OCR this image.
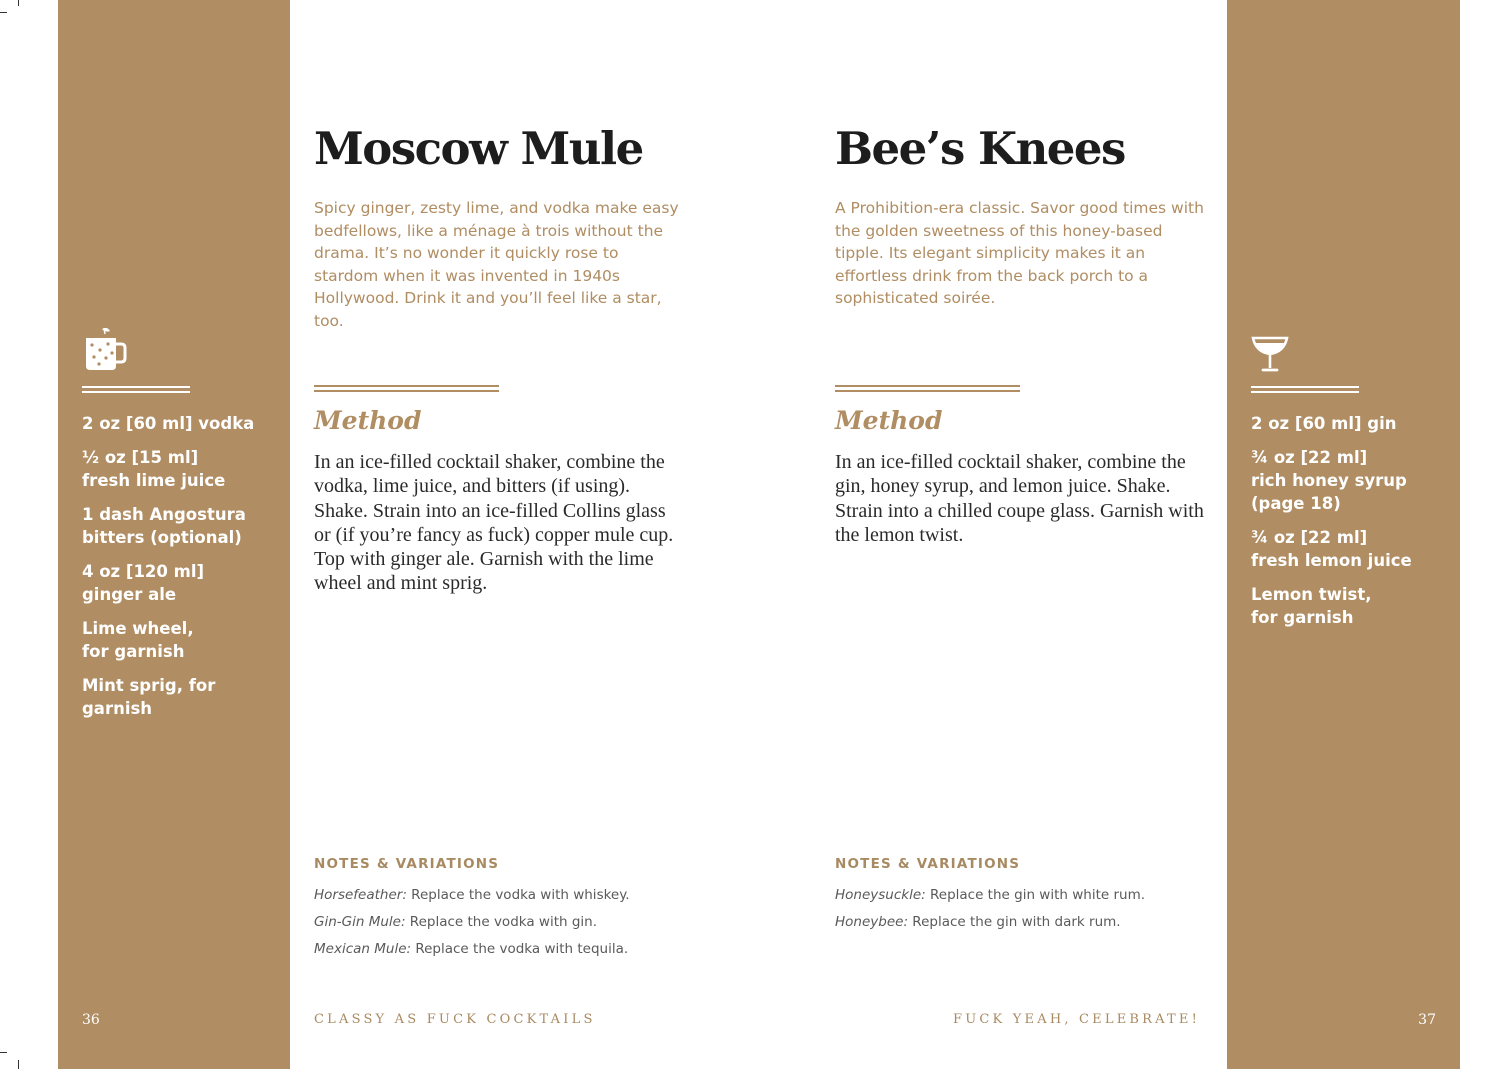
2 oz [60 ml] vodka

½ oz [15 ml]
fresh lime juice

1 dash Angostura
bitters (optional)

4 oz [120 ml]
ginger ale

Lime wheel,
for garnish

Mint sprig, for garnish

36
Moscow Mule

Spicy ginger, zesty lime, and vodka make easy bedfellows, like a ménage à trois without the drama. It’s no wonder it quickly rose to stardom when it was invented in 1940s Hollywood. Drink it and you’ll feel like a star, too.

Method

In an ice-filled cocktail shaker, combine the vodka, lime juice, and bitters (if using). Shake. Strain into an ice-filled Collins glass or (if you’re fancy as fuck) copper mule cup. Top with ginger ale. Garnish with the lime wheel and mint sprig.

NOTES & VARIATIONS

Horsefeather: Replace the vodka with whiskey.

Gin-Gin Mule: Replace the vodka with gin.

Mexican Mule: Replace the vodka with tequila.

CLASSY AS FUCK COCKTAILS
Bee’s Knees

A Prohibition-era classic. Savor good times with the golden sweetness of this honey-based tipple. Its elegant simplicity makes it an effortless drink from the back porch to a sophisticated soirée.

Method

In an ice-filled cocktail shaker, combine the gin, honey syrup, and lemon juice. Shake. Strain into a chilled coupe glass. Garnish with the lemon twist.

NOTES & VARIATIONS

Honeysuckle: Replace the gin with white rum.

Honeybee: Replace the gin with dark rum.

FUCK YEAH, CELEBRATE!

2 oz [60 ml] gin

¾ oz [22 ml]
rich honey syrup
(page 18)

¾ oz [22 ml]
fresh lemon juice

Lemon twist,
for garnish

37
